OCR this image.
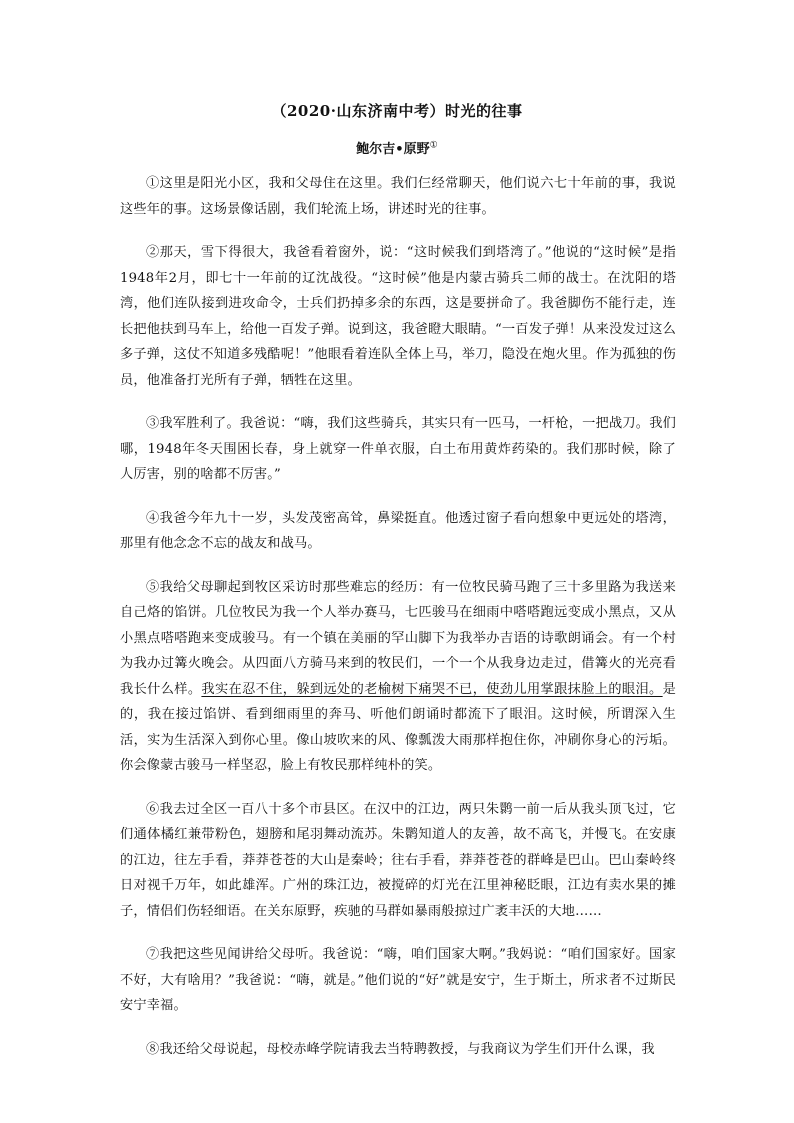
（2020·山东济南中考）时光的往事
鲍尔吉•原野①

①这里是阳光小区，我和父母住在这里。我们仨经常聊天，他们说六七十年前的事，我说这些年的事。这场景像话剧，我们轮流上场，讲述时光的往事。

②那天，雪下得很大，我爸看着窗外，说：“这时候我们到塔湾了。”他说的“这时候”是指1948年2月，即七十一年前的辽沈战役。“这时候”他是内蒙古骑兵二师的战士。在沈阳的塔湾，他们连队接到进攻命令，士兵们扔掉多余的东西，这是要拼命了。我爸脚伤不能行走，连长把他扶到马车上，给他一百发子弹。说到这，我爸瞪大眼睛。“一百发子弹！从来没发过这么多子弹，这仗不知道多残酷呢！”他眼看着连队全体上马，举刀，隐没在炮火里。作为孤独的伤员，他准备打光所有子弹，牺牲在这里。

③我军胜利了。我爸说：“嗨，我们这些骑兵，其实只有一匹马，一杆枪，一把战刀。我们哪，1948年冬天围困长春，身上就穿一件单衣服，白土布用黄炸药染的。我们那时候，除了人厉害，别的啥都不厉害。”

④我爸今年九十一岁，头发茂密高耸，鼻梁挺直。他透过窗子看向想象中更远处的塔湾，那里有他念念不忘的战友和战马。

⑤我给父母聊起到牧区采访时那些难忘的经历：有一位牧民骑马跑了三十多里路为我送来自己烙的馅饼。几位牧民为我一个人举办赛马，七匹骏马在细雨中嗒嗒跑远变成小黑点，又从小黑点嗒嗒跑来变成骏马。有一个镇在美丽的罕山脚下为我举办吉语的诗歌朗诵会。有一个村为我办过篝火晚会。从四面八方骑马来到的牧民们，一个一个从我身边走过，借篝火的光亮看我长什么样。我实在忍不住，躲到远处的老榆树下痛哭不已，使劲儿用掌跟抹脸上的眼泪。是的，我在接过馅饼、看到细雨里的奔马、听他们朗诵时都流下了眼泪。这时候，所谓深入生活，实为生活深入到你心里。像山坡吹来的风、像瓢泼大雨那样抱住你，冲刷你身心的污垢。你会像蒙古骏马一样坚忍，脸上有牧民那样纯朴的笑。

⑥我去过全区一百八十多个市县区。在汉中的江边，两只朱鹮一前一后从我头顶飞过，它们通体橘红兼带粉色，翅膀和尾羽舞动流苏。朱鹮知道人的友善，故不高飞，并慢飞。在安康的江边，往左手看，莽莽苍苍的大山是秦岭；往右手看，莽莽苍苍的群峰是巴山。巴山秦岭终日对视千万年，如此雄浑。广州的珠江边，被搅碎的灯光在江里神秘眨眼，江边有卖水果的摊子，情侣们伤轻细语。在关东原野，疾驰的马群如暴雨般掠过广袤丰沃的大地……

⑦我把这些见闻讲给父母听。我爸说：“嗨，咱们国家大啊。”我妈说：“咱们国家好。国家不好，大有啥用？”我爸说：“嗨，就是。”他们说的“好”就是安宁，生于斯土，所求者不过斯民安宁幸福。

⑧我还给父母说起，母校赤峰学院请我去当特聘教授，与我商议为学生们开什么课，我
